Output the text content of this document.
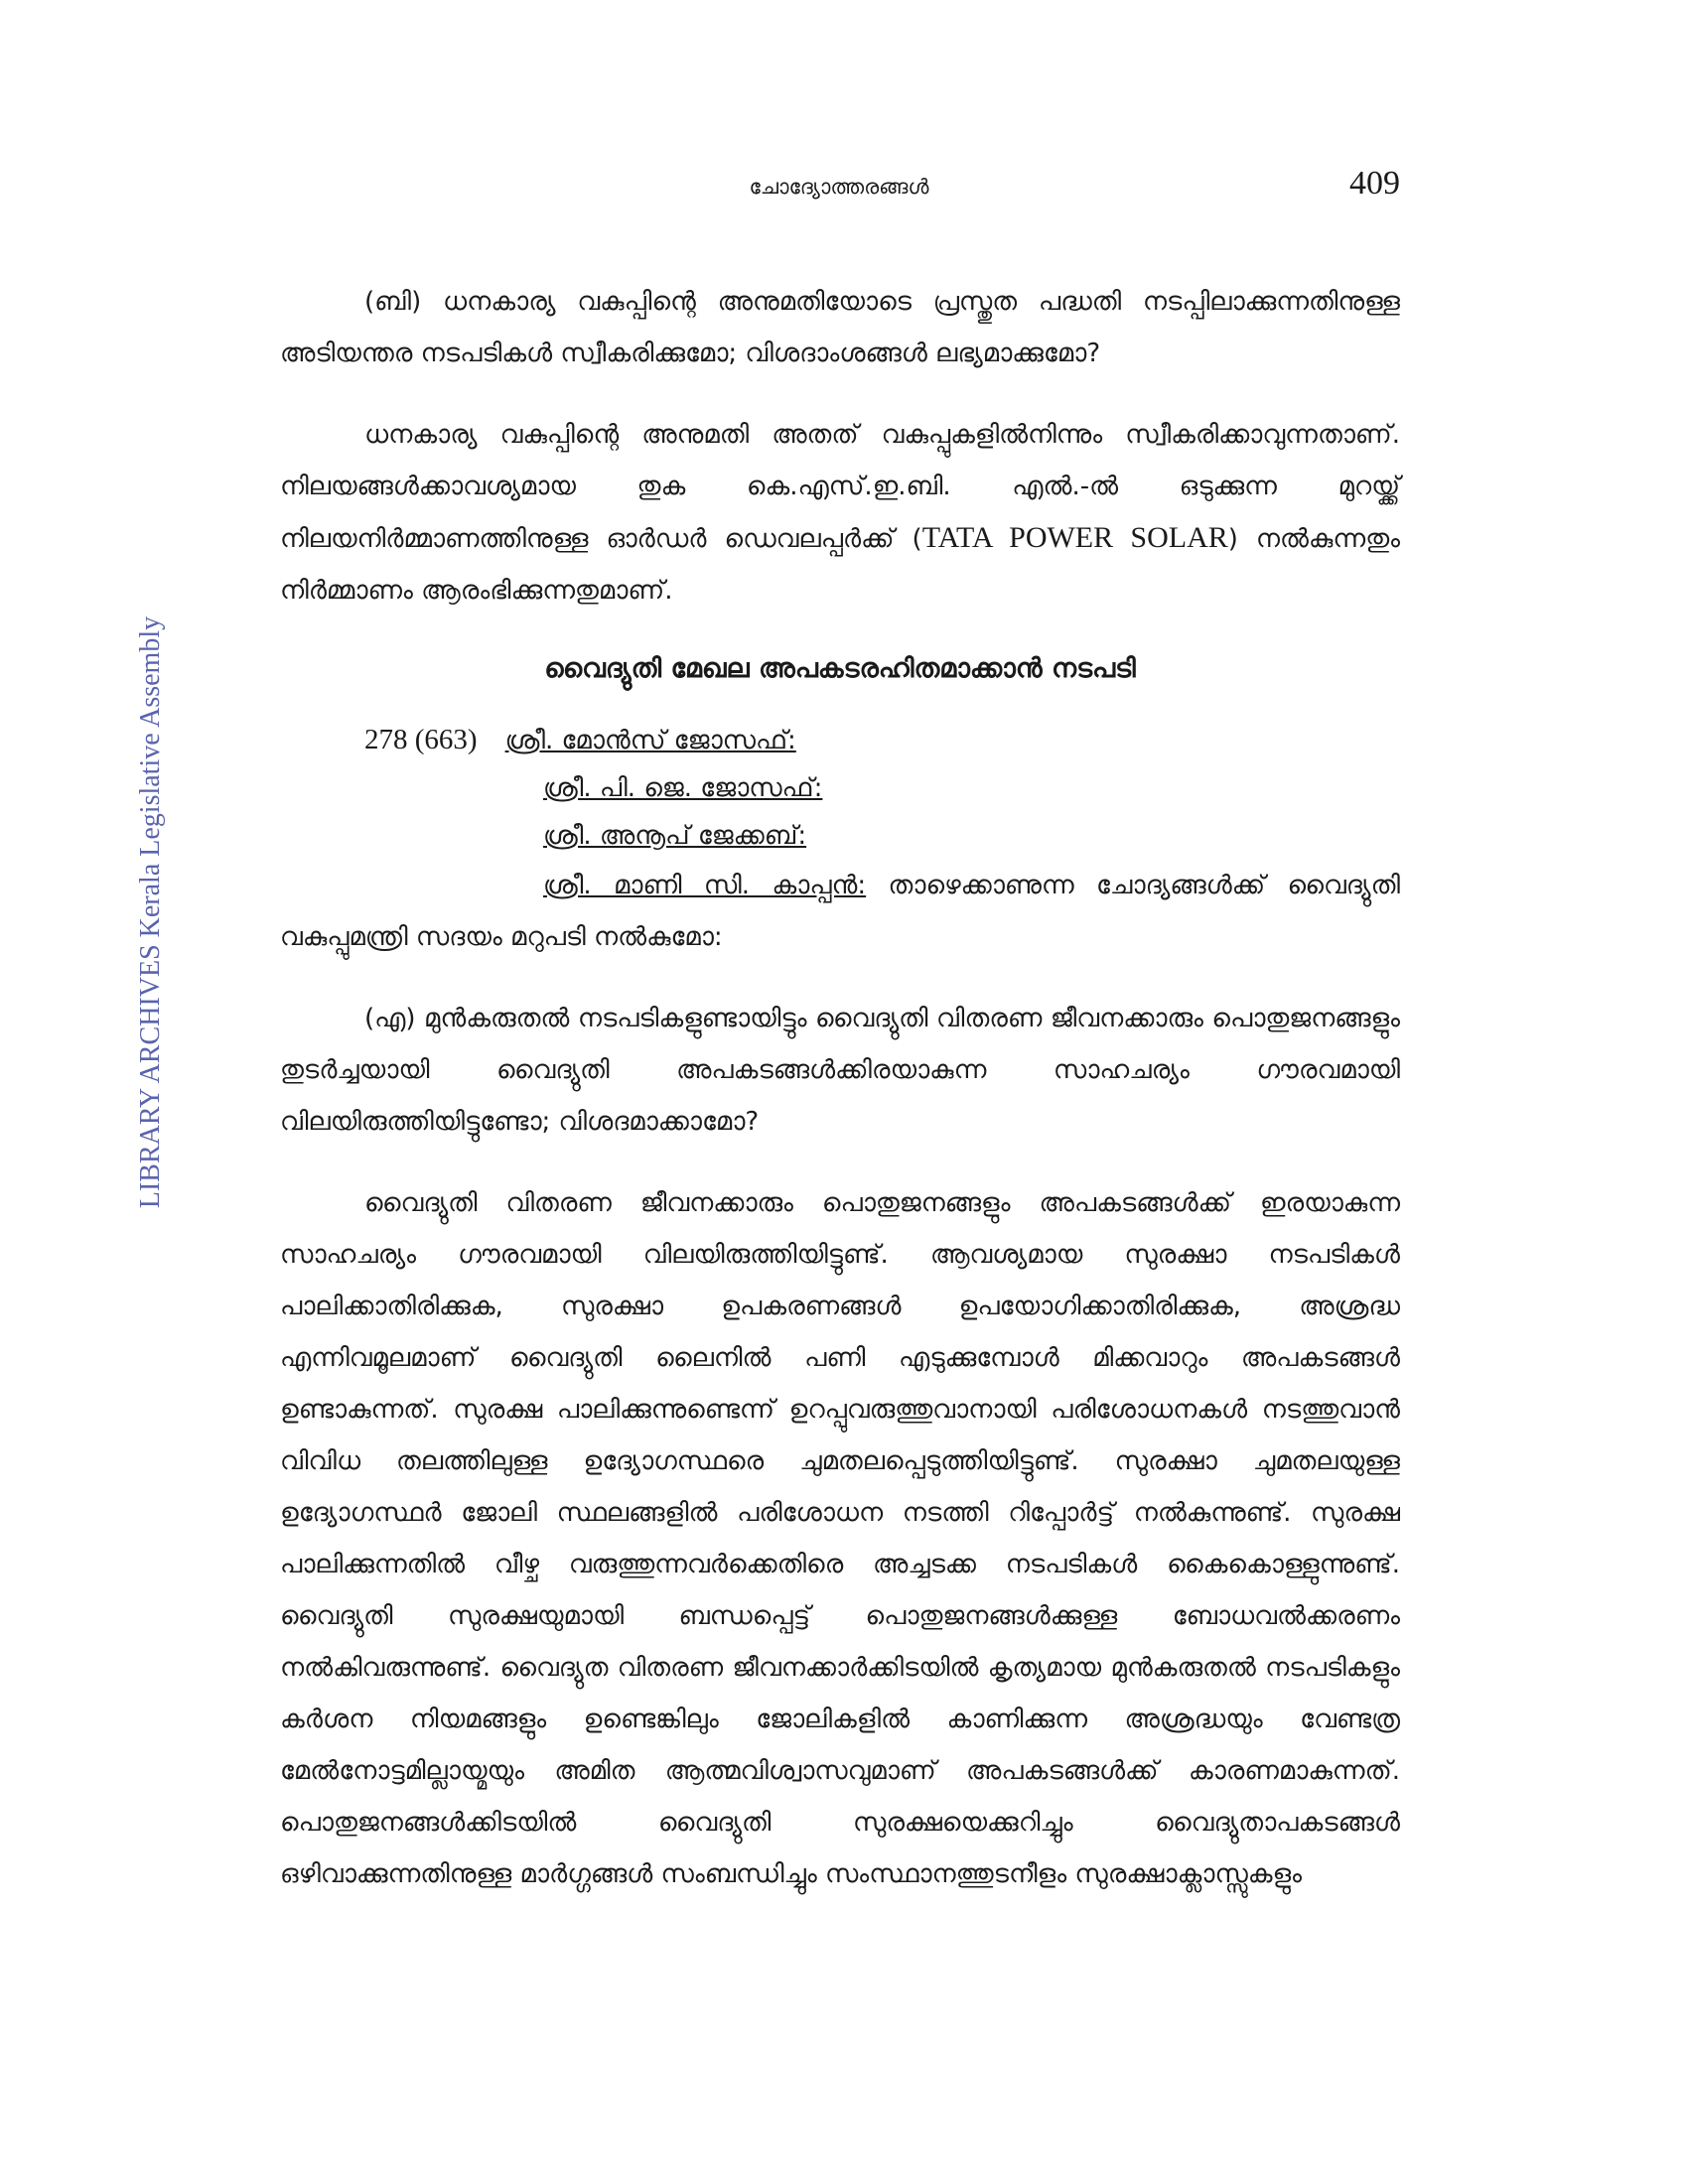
ചോദ്യോത്തരങ്ങൾ	409
LIBRARY ARCHIVES Kerala Legislative Assembly

(ബി) ധനകാര്യ വകുപ്പിന്റെ അനുമതിയോടെ പ്രസ്തുത പദ്ധതി നടപ്പിലാക്കുന്നതിനുള്ള അടിയന്തര നടപടികൾ സ്വീകരിക്കുമോ; വിശദാംശങ്ങൾ ലഭ്യമാക്കുമോ?

ധനകാര്യ വകുപ്പിന്റെ അനുമതി അതത് വകുപ്പുകളിൽനിന്നും സ്വീകരിക്കാവുന്നതാണ്. നിലയങ്ങൾക്കാവശ്യമായ തുക കെ.എസ്.ഇ.ബി. എൽ.-ൽ ഒടുക്കുന്ന മുറയ്ക്ക് നിലയനിർമ്മാണത്തിനുള്ള ഓർഡർ ഡെവലപ്പർക്ക് (TATA POWER SOLAR) നൽകുന്നതും നിർമ്മാണം ആരംഭിക്കുന്നതുമാണ്.

വൈദ്യുതി മേഖല അപകടരഹിതമാക്കാൻ നടപടി
278 (663) ശ്രീ. മോൻസ് ജോസഫ്:
ശ്രീ. പി. ജെ. ജോസഫ്:
ശ്രീ. അനൂപ് ജേക്കബ്:

ശ്രീ. മാണി സി. കാപ്പൻ: താഴെക്കാണുന്ന ചോദ്യങ്ങൾക്ക് വൈദ്യുതി വകുപ്പുമന്ത്രി സദയം മറുപടി നൽകുമോ:

(എ) മുൻകരുതൽ നടപടികളുണ്ടായിട്ടും വൈദ്യുതി വിതരണ ജീവനക്കാരും പൊതുജനങ്ങളും തുടർച്ചയായി വൈദ്യുതി അപകടങ്ങൾക്കിരയാകുന്ന സാഹചര്യം ഗൗരവമായി വിലയിരുത്തിയിട്ടുണ്ടോ; വിശദമാക്കാമോ?

വൈദ്യുതി വിതരണ ജീവനക്കാരും പൊതുജനങ്ങളും അപകടങ്ങൾക്ക് ഇരയാകുന്ന സാഹചര്യം ഗൗരവമായി വിലയിരുത്തിയിട്ടുണ്ട്. ആവശ്യമായ സുരക്ഷാ നടപടികൾ പാലിക്കാതിരിക്കുക, സുരക്ഷാ ഉപകരണങ്ങൾ ഉപയോഗിക്കാതിരിക്കുക, അശ്രദ്ധ എന്നിവമൂലമാണ് വൈദ്യുതി ലൈനിൽ പണി എടുക്കുമ്പോൾ മിക്കവാറും അപകടങ്ങൾ ഉണ്ടാകുന്നത്. സുരക്ഷ പാലിക്കുന്നുണ്ടെന്ന് ഉറപ്പുവരുത്തുവാനായി പരിശോധനകൾ നടത്തുവാൻ വിവിധ തലത്തിലുള്ള ഉദ്യോഗസ്ഥരെ ചുമതലപ്പെടുത്തിയിട്ടുണ്ട്. സുരക്ഷാ ചുമതലയുള്ള ഉദ്യോഗസ്ഥർ ജോലി സ്ഥലങ്ങളിൽ പരിശോധന നടത്തി റിപ്പോർട്ട് നൽകുന്നുണ്ട്. സുരക്ഷ പാലിക്കുന്നതിൽ വീഴ്ച വരുത്തുന്നവർക്കെതിരെ അച്ചടക്ക നടപടികൾ കൈകൊള്ളുന്നുണ്ട്. വൈദ്യുതി സുരക്ഷയുമായി ബന്ധപ്പെട്ട് പൊതുജനങ്ങൾക്കുള്ള ബോധവൽക്കരണം നൽകിവരുന്നുണ്ട്. വൈദ്യുത വിതരണ ജീവനക്കാർക്കിടയിൽ കൃത്യമായ മുൻകരുതൽ നടപടികളും കർശന നിയമങ്ങളും ഉണ്ടെങ്കിലും ജോലികളിൽ കാണിക്കുന്ന അശ്രദ്ധയും വേണ്ടത്ര മേൽനോട്ടമില്ലായ്മയും അമിത ആത്മവിശ്വാസവുമാണ് അപകടങ്ങൾക്ക് കാരണമാകുന്നത്. പൊതുജനങ്ങൾക്കിടയിൽ വൈദ്യുതി സുരക്ഷയെക്കുറിച്ചും വൈദ്യുതാപകടങ്ങൾ ഒഴിവാക്കുന്നതിനുള്ള മാർഗ്ഗങ്ങൾ സംബന്ധിച്ചും സംസ്ഥാനത്തുടനീളം സുരക്ഷാക്ലാസ്സുകളും
